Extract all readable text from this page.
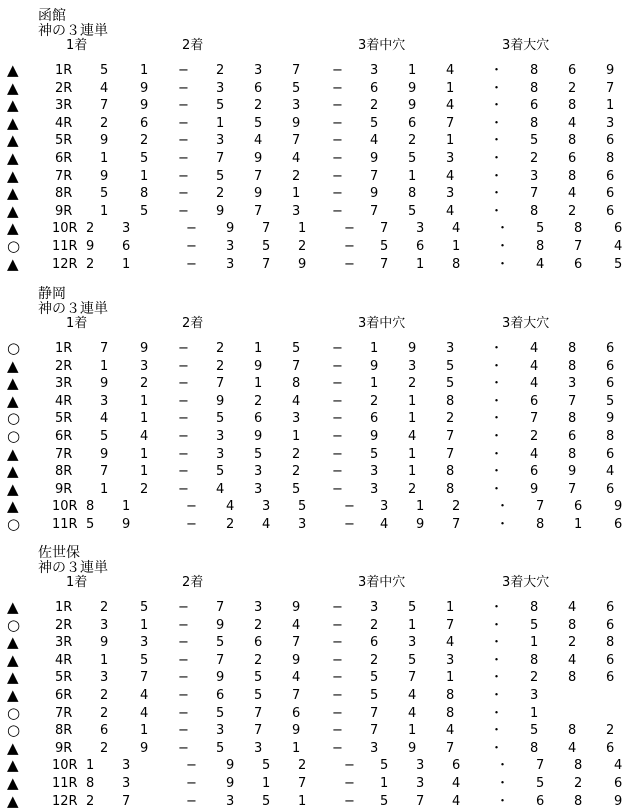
函館
神の３連単
1着	2着	3着中穴	3着大穴
▲	1R 5 1 − 2 3 7 − 3 1 4	・ 8 6 9
▲	2R 4 9 − 3 6 5 − 6 9 1	・ 8 2 7
▲	3R 7 9 − 5 2 3 − 2 9 4	・ 6 8 1
▲	4R 2 6 − 1 5 9 − 5 6 7	・ 8 4 3
▲	5R 9 2 − 3 4 7 − 4 2 1	・ 5 8 6
▲	6R 1 5 − 7 9 4 − 9 5 3	・ 2 6 8
▲	7R 9 1 − 5 7 2 − 7 1 4	・ 3 8 6
▲	8R 5 8 − 2 9 1 − 9 8 3	・ 7 4 6
▲	9R 1 5 − 9 7 3 − 7 5 4	・ 8 2 6
▲	10R 2 3	− 9 7 1	− 7 3 4	・ 5 8 6
○ 11R 9 6	− 3 5 2	− 5 6 1	・ 8 7 4
▲	12R 2 1	− 3 7 9	− 7 1 8	・ 4 6 5
静岡
神の３連単
1着	2着	3着中穴	3着大穴
○	1R 7 9 − 2 1 5 − 1 9 3	・ 4 8 6
▲	2R 1 3 − 2 9 7 − 9 3 5	・ 4 8 6
▲	3R 9 2 − 7 1 8 − 1 2 5	・ 4 3 6
▲	4R 3 1 − 9 2 4 − 2 1 8	・ 6 7 5
○	5R 4 1 − 5 6 3 − 6 1 2	・ 7 8 9
○	6R 5 4 − 3 9 1 − 9 4 7	・ 2 6 8
▲	7R 9 1 − 3 5 2 − 5 1 7	・ 4 8 6
▲	8R 7 1 − 5 3 2 − 3 1 8	・ 6 9 4
▲	9R 1 2 − 4 3 5 − 3 2 8	・ 9 7 6
▲	10R 8 1	− 4 3 5	− 3 1 2	・ 7 6 9
○ 11R 5 9	− 2 4 3	− 4 9 7	・ 8 1 6
佐世保
神の３連単
1着	2着	3着中穴	3着大穴
▲	1R 2 5 − 7 3 9 − 3 5 1	・ 8 4 6
○	2R 3 1 − 9 2 4 − 2 1 7	・ 5 8 6
▲	3R 9 3 − 5 6 7 − 6 3 4	・ 1 2 8
▲	4R 1 5 − 7 2 9 − 2 5 3	・ 8 4 6
▲	5R 3 7 − 9 5 4 − 5 7 1	・ 2 8 6
▲	6R 2 4 − 6 5 7 − 5 4 8	・ 3
○	7R 2 4 − 5 7 6 − 7 4 8	・ 1
○	8R 6 1 − 3 7 9 − 7 1 4	・ 5 8 2
▲	9R 2 9 − 5 3 1 − 3 9 7	・ 8 4 6
▲	10R 1 3	− 9 5 2	− 5 3 6	・ 7 8 4
▲	11R 8 3	− 9 1 7	− 1 3 4	・ 5 2 6
▲	12R 2 7	− 3 5 1	− 5 7 4	・ 6 8 9
